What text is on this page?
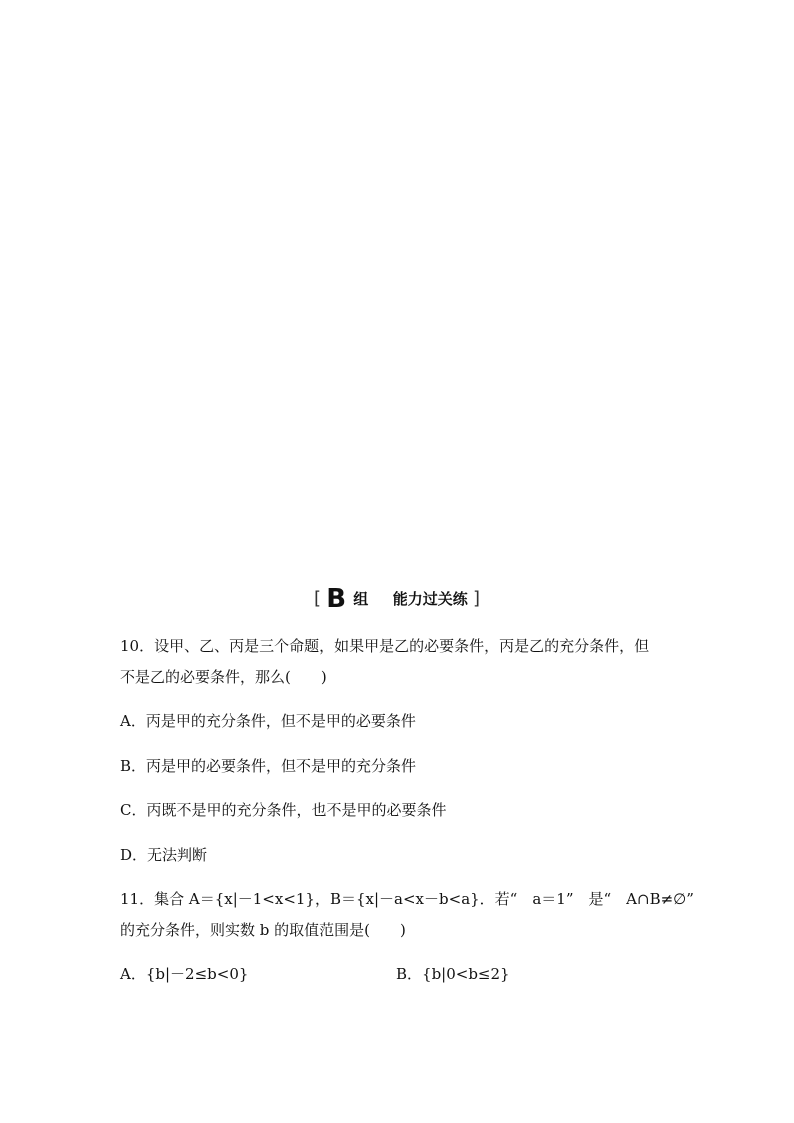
[ B 组 能力过关练 ]
10．设甲、乙、丙是三个命题，如果甲是乙的必要条件，丙是乙的充分条件，但
不是乙的必要条件，那么(　　)
A．丙是甲的充分条件，但不是甲的必要条件
B．丙是甲的必要条件，但不是甲的充分条件
C．丙既不是甲的充分条件，也不是甲的必要条件
D．无法判断
11．集合 A＝{x|－1<x<1}，B＝{x|－a<x－b<a}．若“　a＝1”　是“　A∩B≠∅”
的充分条件，则实数 b 的取值范围是(　　)
A．{b|－2≤b<0}	B．{b|0<b≤2}
